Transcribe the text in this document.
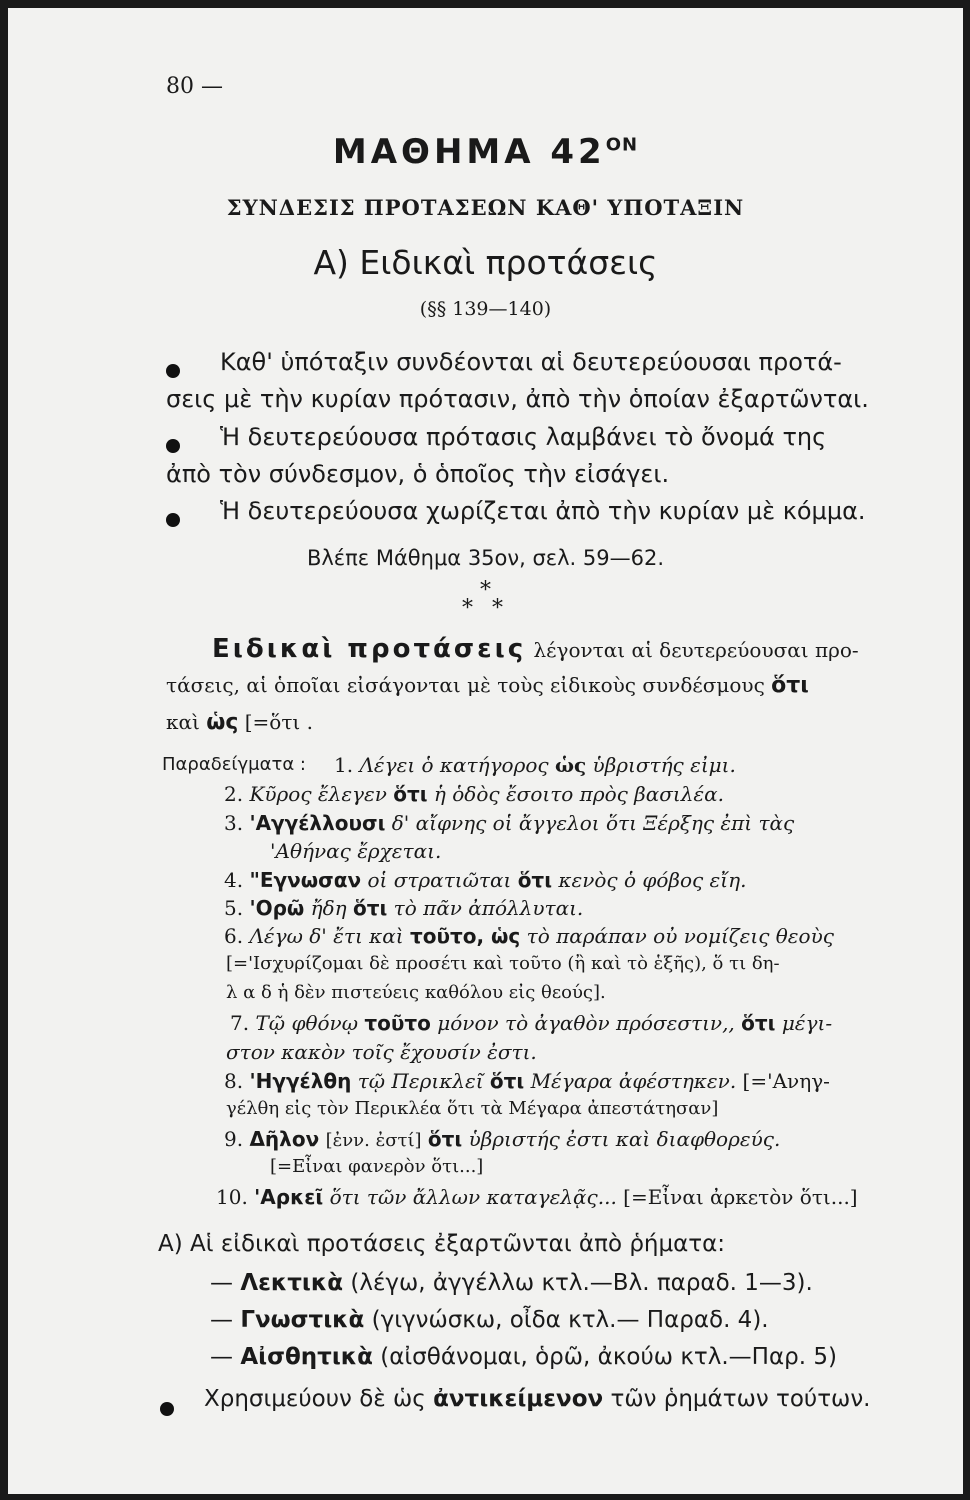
80 —
ΜΑΘΗΜΑ $42^{ON}$
ΣΥΝΔΕΣΙΣ ΠΡΟΤΑΣΕΩΝ ΚΑΘ' ΥΠΟΤΑΞΙΝ
Α) Ειδικαὶ προτάσεις
(§§ 139—140)
Καθ' ὑπόταξιν συνδέονται αἱ δευτερεύουσαι προτά-
σεις μὲ τὴν κυρίαν πρότασιν, ἀπὸ τὴν ὁποίαν ἐξαρτῶνται.
Ἡ δευτερεύουσα πρότασις λαμβάνει τὸ ὄνομά της
ἀπὸ τὸν σύνδεσμον, ὁ ὁποῖος τὴν εἰσάγει.
Ἡ δευτερεύουσα χωρίζεται ἀπὸ τὴν κυρίαν μὲ κόμμα.
Βλέπε Μάθημα 35ον, σελ. 59—62.
*
* *
Ειδικαὶ προτάσεις λέγονται αἱ δευτερεύουσαι προ-
τάσεις, αἱ ὁποῖαι εἰσάγονται μὲ τοὺς εἰδικοὺς συνδέσμους ὅτι
καὶ ὡς [=ὅτι .
Παραδείγματα : 1. Λέγει ὁ κατήγορος ὡς ὑβριστής εἰμι.
2. Κῦρος ἔλεγεν ὅτι ἡ ὁδὸς ἔσοιτο πρὸς βασιλέα.
3. 'Αγγέλλουσι δ' αἴφνης οἱ ἄγγελοι ὅτι Ξέρξης ἐπὶ τὰς
'Αθήνας ἔρχεται.
4. "Εγνωσαν οἱ στρατιῶται ὅτι κενὸς ὁ φόβος εἴη.
5. 'Ορῶ ἤδη ὅτι τὸ πᾶν ἀπόλλυται.
6. Λέγω δ' ἔτι καὶ τοῦτο, ὡς τὸ παράπαν οὐ νομίζεις θεοὺς
[='Ισχυρίζομαι δὲ προσέτι καὶ τοῦτο (ἢ καὶ τὸ ἑξῆς), ὅ τι δη-
λ α δ ἡ δὲν πιστεύεις καθόλου εἰς θεούς].
7. Τῷ φθόνῳ τοῦτο μόνον τὸ ἀγαθὸν πρόσεστιν,, ὅτι μέγι-
στον κακὸν τοῖς ἔχουσίν ἐστι.
8. 'Ηγγέλθη τῷ Περικλεῖ ὅτι Μέγαρα ἀφέστηκεν. [='Ανηγ-
γέλθη εἰς τὸν Περικλέα ὅτι τὰ Μέγαρα ἀπεστάτησαν]
9. Δῆλον [ἐνν. ἐστί] ὅτι ὑβριστής ἐστι καὶ διαφθορεύς.
[=Εἶναι φανερὸν ὅτι...]
10. 'Αρκεῖ ὅτι τῶν ἄλλων καταγελᾷς... [=Εἶναι ἀρκετὸν ὅτι...]
Α) Αἱ εἰδικαὶ προτάσεις ἐξαρτῶνται ἀπὸ ῥήματα:
— Λεκτικὰ (λέγω, ἀγγέλλω κτλ.—Βλ. παραδ. 1—3).
— Γνωστικὰ (γιγνώσκω, οἶδα κτλ.— Παραδ. 4).
— Αἰσθητικὰ (αἰσθάνομαι, ὁρῶ, ἀκούω κτλ.—Παρ. 5)
Χρησιμεύουν δὲ ὡς ἀντικείμενον τῶν ῥημάτων τούτων.
